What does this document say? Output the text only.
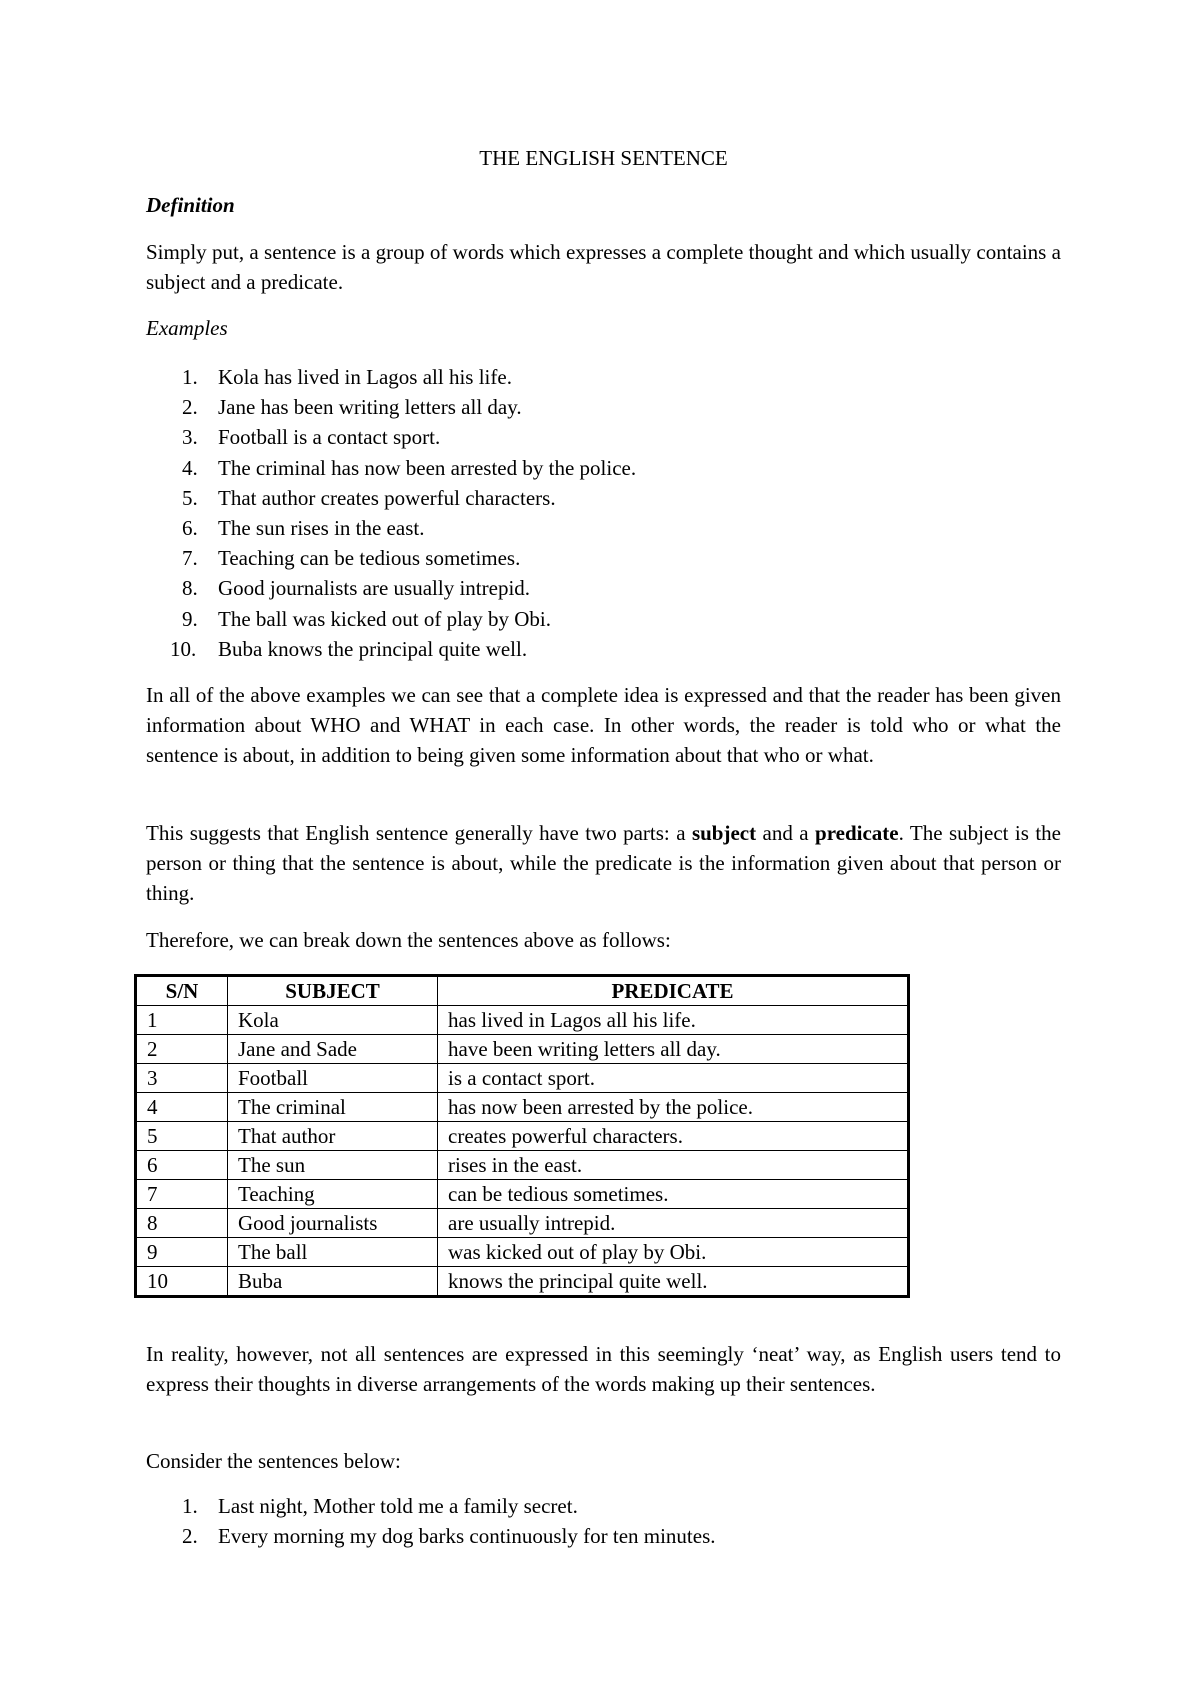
THE ENGLISH SENTENCE
Definition

Simply put, a sentence is a group of words which expresses a complete thought and which usually contains a subject and a predicate.

Examples
1. Kola has lived in Lagos all his life.
2. Jane has been writing letters all day.
3. Football is a contact sport.
4. The criminal has now been arrested by the police.
5. That author creates powerful characters.
6. The sun rises in the east.
7. Teaching can be tedious sometimes.
8. Good journalists are usually intrepid.
9. The ball was kicked out of play by Obi.
10. Buba knows the principal quite well.

In all of the above examples we can see that a complete idea is expressed and that the reader has been given information about WHO and WHAT in each case. In other words, the reader is told who or what the sentence is about, in addition to being given some information about that who or what.

This suggests that English sentence generally have two parts: a subject and a predicate. The subject is the person or thing that the sentence is about, while the predicate is the information given about that person or thing.

Therefore, we can break down the sentences above as follows:

S/N	SUBJECT	PREDICATE
1	Kola	has lived in Lagos all his life.
2	Jane and Sade	have been writing letters all day.
3	Football	is a contact sport.
4	The criminal	has now been arrested by the police.
5	That author	creates powerful characters.
6	The sun	rises in the east.
7	Teaching	can be tedious sometimes.
8	Good journalists	are usually intrepid.
9	The ball	was kicked out of play by Obi.
10	Buba	knows the principal quite well.

In reality, however, not all sentences are expressed in this seemingly ‘neat’ way, as English users tend to express their thoughts in diverse arrangements of the words making up their sentences.

Consider the sentences below:

1. Last night, Mother told me a family secret.
2. Every morning my dog barks continuously for ten minutes.
